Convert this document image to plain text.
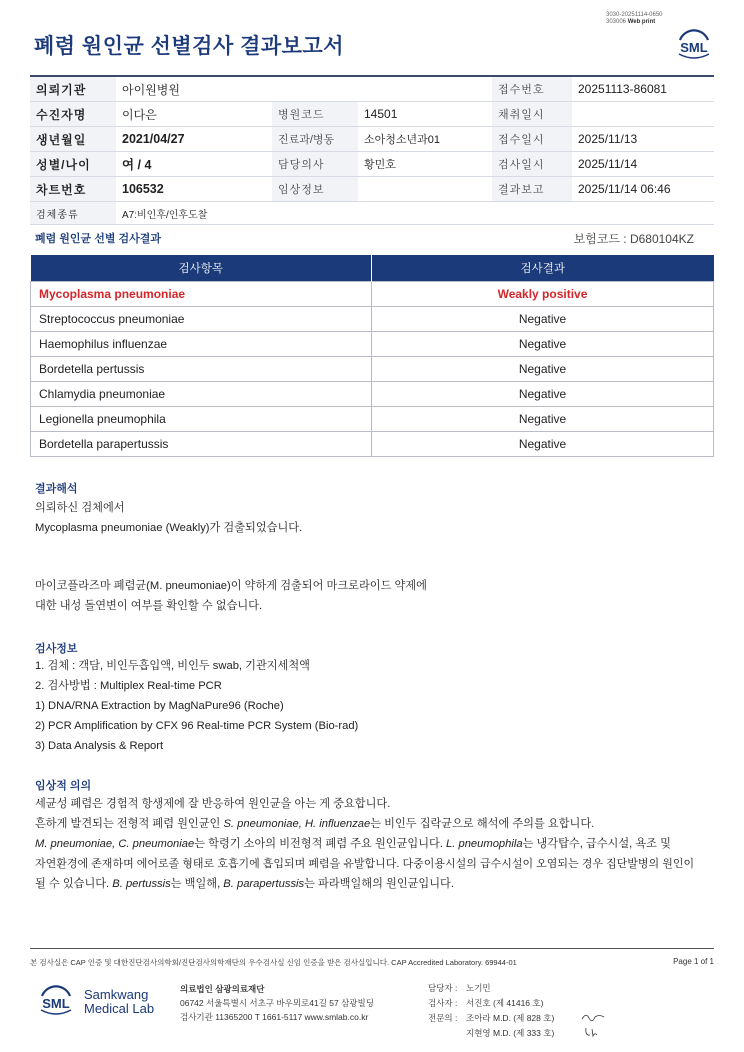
폐렴 원인균 선별검사 결과보고서
3030-20251114-0650
303006 Web print
SML
의뢰기관	아이원병원			접수번호	20251113-86081
수진자명	이다은	병원코드	14501	채취일시	
생년월일	2021/04/27	진료과/병동	소아청소년과01	접수일시	2025/11/13
성별/나이	여 / 4	담당의사	황민호	검사일시	2025/11/14
차트번호	106532	임상정보		결과보고	2025/11/14 06:46
검체종류	A7:비인후/인후도찰				
폐렴 원인균 선별 검사결과	보험코드 : D680104KZ
검사항목	검사결과
Mycoplasma pneumoniae	Weakly positive
Streptococcus pneumoniae	Negative
Haemophilus influenzae	Negative
Bordetella pertussis	Negative
Chlamydia pneumoniae	Negative
Legionella pneumophila	Negative
Bordetella parapertussis	Negative
결과해석
의뢰하신 검체에서
Mycoplasma pneumoniae (Weakly)가 검출되었습니다.
마이코플라즈마 폐렴균(M. pneumoniae)이 약하게 검출되어 마크로라이드 약제에
대한 내성 돌연변이 여부를 확인할 수 없습니다.
검사정보
1. 검체 : 객담, 비인두흡입액, 비인두 swab, 기관지세척액
2. 검사방법 : Multiplex Real-time PCR
1) DNA/RNA Extraction by MagNaPure96 (Roche)
2) PCR Amplification by CFX 96 Real-time PCR System (Bio-rad)
3) Data Analysis & Report
임상적 의의
세균성 폐렴은 경험적 항생제에 잘 반응하여 원인균을 아는 게 중요합니다.
흔하게 발견되는 전형적 폐렴 원인균인 S. pneumoniae, H. influenzae는 비인두 집락균으로 해석에 주의를 요합니다.
M. pneumoniae, C. pneumoniae는 학령기 소아의 비전형적 폐렴 주요 원인균입니다. L. pneumophila는 냉각탑수, 급수시설, 욕조 및
자연환경에 존재하며 에어로졸 형태로 호흡기에 흡입되며 폐렴을 유발합니다. 다중이용시설의 급수시설이 오염되는 경우 집단발병의 원인이
될 수 있습니다. B. pertussis는 백일해, B. parapertussis는 파라백일해의 원인균입니다.
본 검사실은 CAP 인증 및 대한진단검사의학회/진단검사의학재단의 우수검사실 신임 인증을 받은 검사실입니다. CAP Accredited Laboratory. 69944-01	Page 1 of 1
SML
Samkwang
Medical Lab
의료법인 삼광의료재단
06742 서울특별시 서초구 바우뫼로41길 57 삼광빌딩
검사기관 11365200 T 1661-5117 www.smlab.co.kr
담당자 : 노기민
검사자 : 서진호 (제 41416 호)
전문의 : 조아라 M.D. (제 828 호)
지현영 M.D. (제 333 호)
